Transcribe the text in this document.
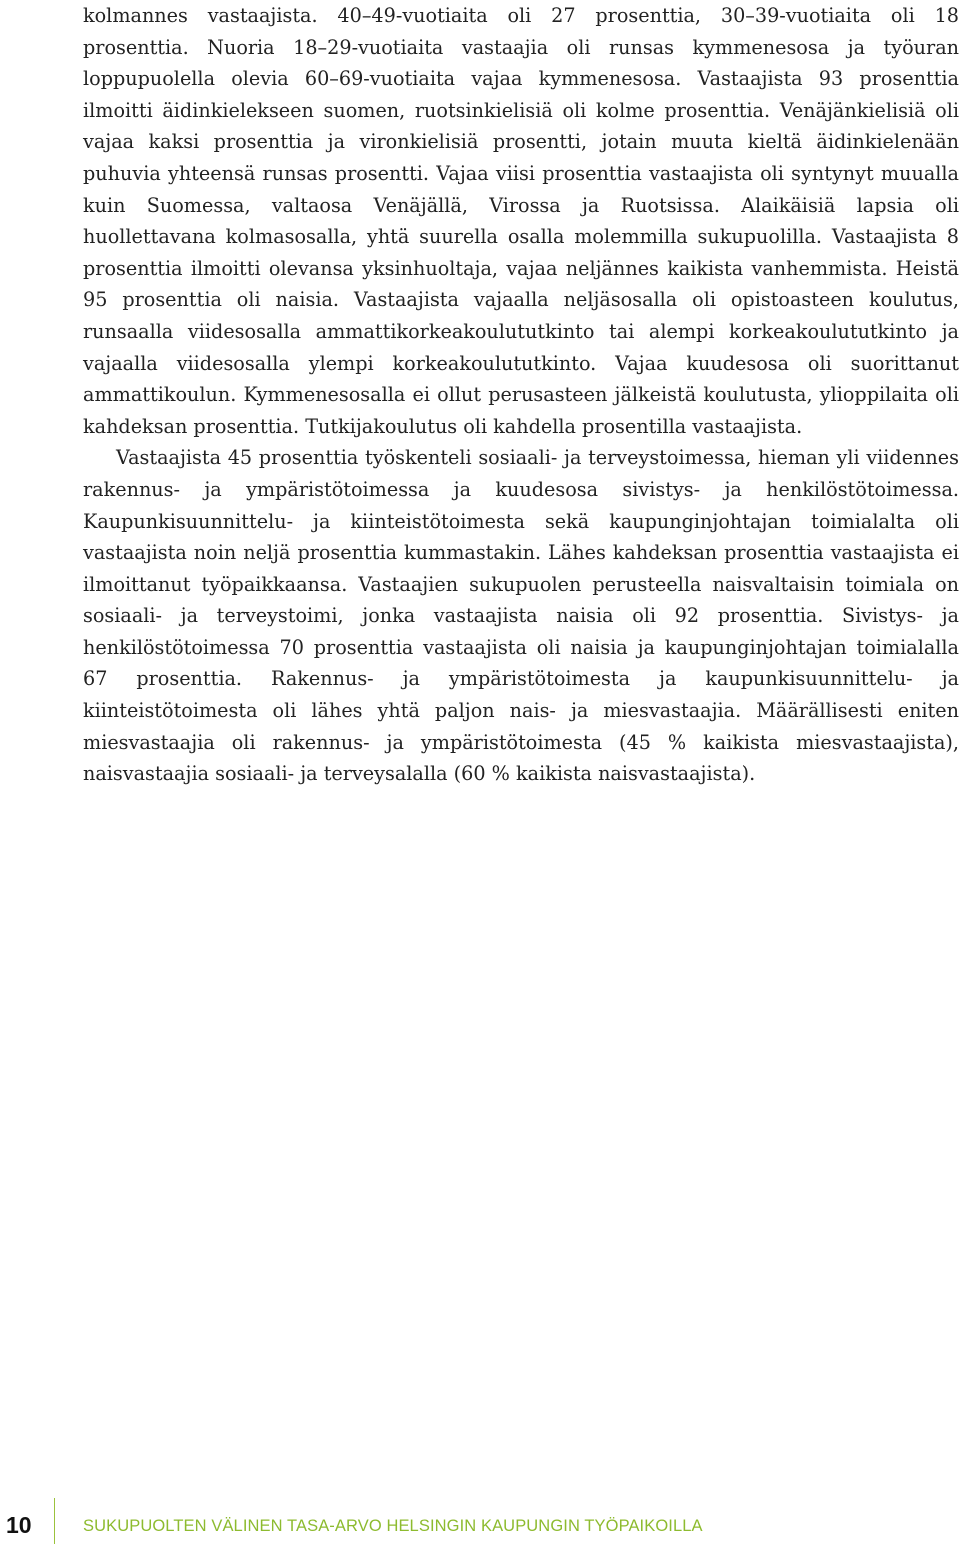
kolmannes vastaajista. 40–49-vuotiaita oli 27 prosenttia, 30–39-vuotiaita oli 18 prosenttia. Nuoria 18–29-vuotiaita vastaajia oli runsas kymmenesosa ja työuran loppupuolella olevia 60–69-vuotiaita vajaa kymmenesosa. Vastaajista 93 prosenttia ilmoitti äidinkielekseen suomen, ruotsinkielisiä oli kolme prosenttia. Venäjänkielisiä oli vajaa kaksi prosenttia ja vironkielisiä prosentti, jotain muuta kieltä äidinkielenään puhuvia yhteensä runsas prosentti. Vajaa viisi prosenttia vastaajista oli syntynyt muualla kuin Suomessa, valtaosa Venäjällä, Virossa ja Ruotsissa. Alaikäisiä lapsia oli huollettavana kolmasosalla, yhtä suurella osalla molemmilla sukupuolilla. Vastaajista 8 prosenttia ilmoitti olevansa yksinhuoltaja, vajaa neljännes kaikista vanhemmista. Heistä 95 prosenttia oli naisia. Vastaajista vajaalla neljäsosalla oli opistoasteen koulutus, runsaalla viidesosalla ammattikorkeakoulututkinto tai alempi korkeakoulututkinto ja vajaalla viidesosalla ylempi korkeakoulututkinto. Vajaa kuudesosa oli suorittanut ammattikoulun. Kymmenesosalla ei ollut perusasteen jälkeistä koulutusta, ylioppilaita oli kahdeksan prosenttia. Tutkijakoulutus oli kahdella prosentilla vastaajista.

Vastaajista 45 prosenttia työskenteli sosiaali- ja terveystoimessa, hieman yli viidennes rakennus- ja ympäristötoimessa ja kuudesosa sivistys- ja henkilöstötoimessa. Kaupunkisuunnittelu- ja kiinteistötoimesta sekä kaupunginjohtajan toimialalta oli vastaajista noin neljä prosenttia kummastakin. Lähes kahdeksan prosenttia vastaajista ei ilmoittanut työpaikkaansa. Vastaajien sukupuolen perusteella naisvaltaisin toimiala on sosiaali- ja terveystoimi, jonka vastaajista naisia oli 92 prosenttia. Sivistys- ja henkilöstötoimessa 70 prosenttia vastaajista oli naisia ja kaupunginjohtajan toimialalla 67 prosenttia. Rakennus- ja ympäristötoimesta ja kaupunkisuunnittelu- ja kiinteistötoimesta oli lähes yhtä paljon nais- ja miesvastaajia. Määrällisesti eniten miesvastaajia oli rakennus- ja ympäristötoimesta (45 % kaikista miesvastaajista), naisvastaajia sosiaali- ja terveysalalla (60 % kaikista naisvastaajista).

10	SUKUPUOLTEN VÄLINEN TASA-ARVO HELSINGIN KAUPUNGIN TYÖPAIKOILLA
